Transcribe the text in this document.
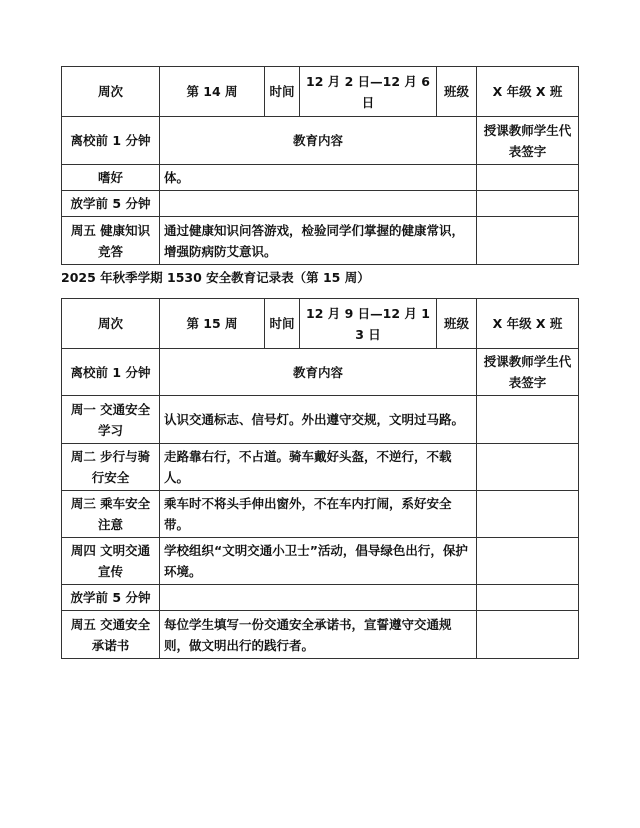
周次	第 14 周	时间	12 月 2 日—12 月 6 日	班级	X 年级 X 班
离校前 1 分钟	教育内容				授课教师学生代表签字
嗜好	体。				
放学前 5 分钟					
周五 健康知识竞答	通过健康知识问答游戏，检验同学们掌握的健康常识，增强防病防艾意识。				
2025 年秋季学期 1530 安全教育记录表（第 15 周）
周次	第 15 周	时间	12 月 9 日—12 月 13 日	班级	X 年级 X 班
离校前 1 分钟	教育内容				授课教师学生代表签字
周一 交通安全学习	认识交通标志、信号灯。外出遵守交规，文明过马路。				
周二 步行与骑行安全	走路靠右行，不占道。骑车戴好头盔，不逆行，不载人。				
周三 乘车安全注意	乘车时不将头手伸出窗外，不在车内打闹，系好安全带。				
周四 文明交通宣传	学校组织“文明交通小卫士”活动，倡导绿色出行，保护环境。				
放学前 5 分钟					
周五 交通安全承诺书	每位学生填写一份交通安全承诺书，宣誓遵守交通规则，做文明出行的践行者。				
